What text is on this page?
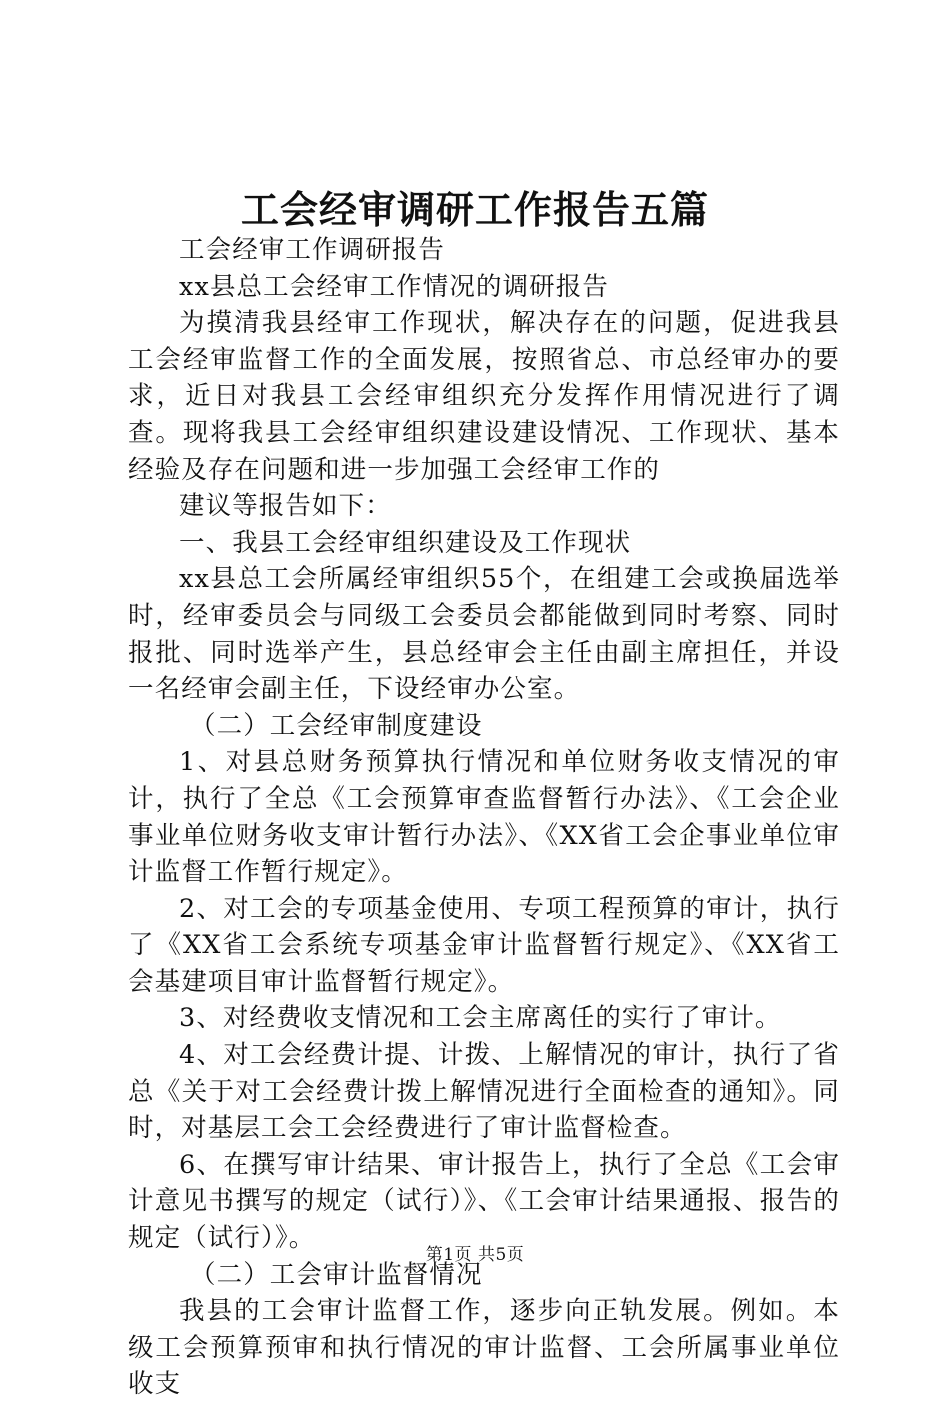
工会经审调研工作报告五篇

工会经审工作调研报告

xx县总工会经审工作情况的调研报告

为摸清我县经审工作现状，解决存在的问题，促进我县工会经审监督工作的全面发展，按照省总、市总经审办的要求，近日对我县工会经审组织充分发挥作用情况进行了调查。现将我县工会经审组织建设建设情况、工作现状、基本经验及存在问题和进一步加强工会经审工作的

建议等报告如下：

一、我县工会经审组织建设及工作现状

xx县总工会所属经审组织55个，在组建工会或换届选举时，经审委员会与同级工会委员会都能做到同时考察、同时报批、同时选举产生，县总经审会主任由副主席担任，并设一名经审会副主任，下设经审办公室。

（二）工会经审制度建设

1、对县总财务预算执行情况和单位财务收支情况的审计，执行了全总《工会预算审查监督暂行办法》、《工会企业事业单位财务收支审计暂行办法》、《XX省工会企事业单位审计监督工作暂行规定》。

2、对工会的专项基金使用、专项工程预算的审计，执行了《XX省工会系统专项基金审计监督暂行规定》、《XX省工会基建项目审计监督暂行规定》。

3、对经费收支情况和工会主席离任的实行了审计。

4、对工会经费计提、计拨、上解情况的审计，执行了省总《关于对工会经费计拨上解情况进行全面检查的通知》。同时，对基层工会工会经费进行了审计监督检查。

6、在撰写审计结果、审计报告上，执行了全总《工会审计意见书撰写的规定（试行）》、《工会审计结果通报、报告的规定（试行）》。

（二）工会审计监督情况

我县的工会审计监督工作，逐步向正轨发展。例如。本级工会预算预审和执行情况的审计监督、工会所属事业单位收支

第1页 共5页
